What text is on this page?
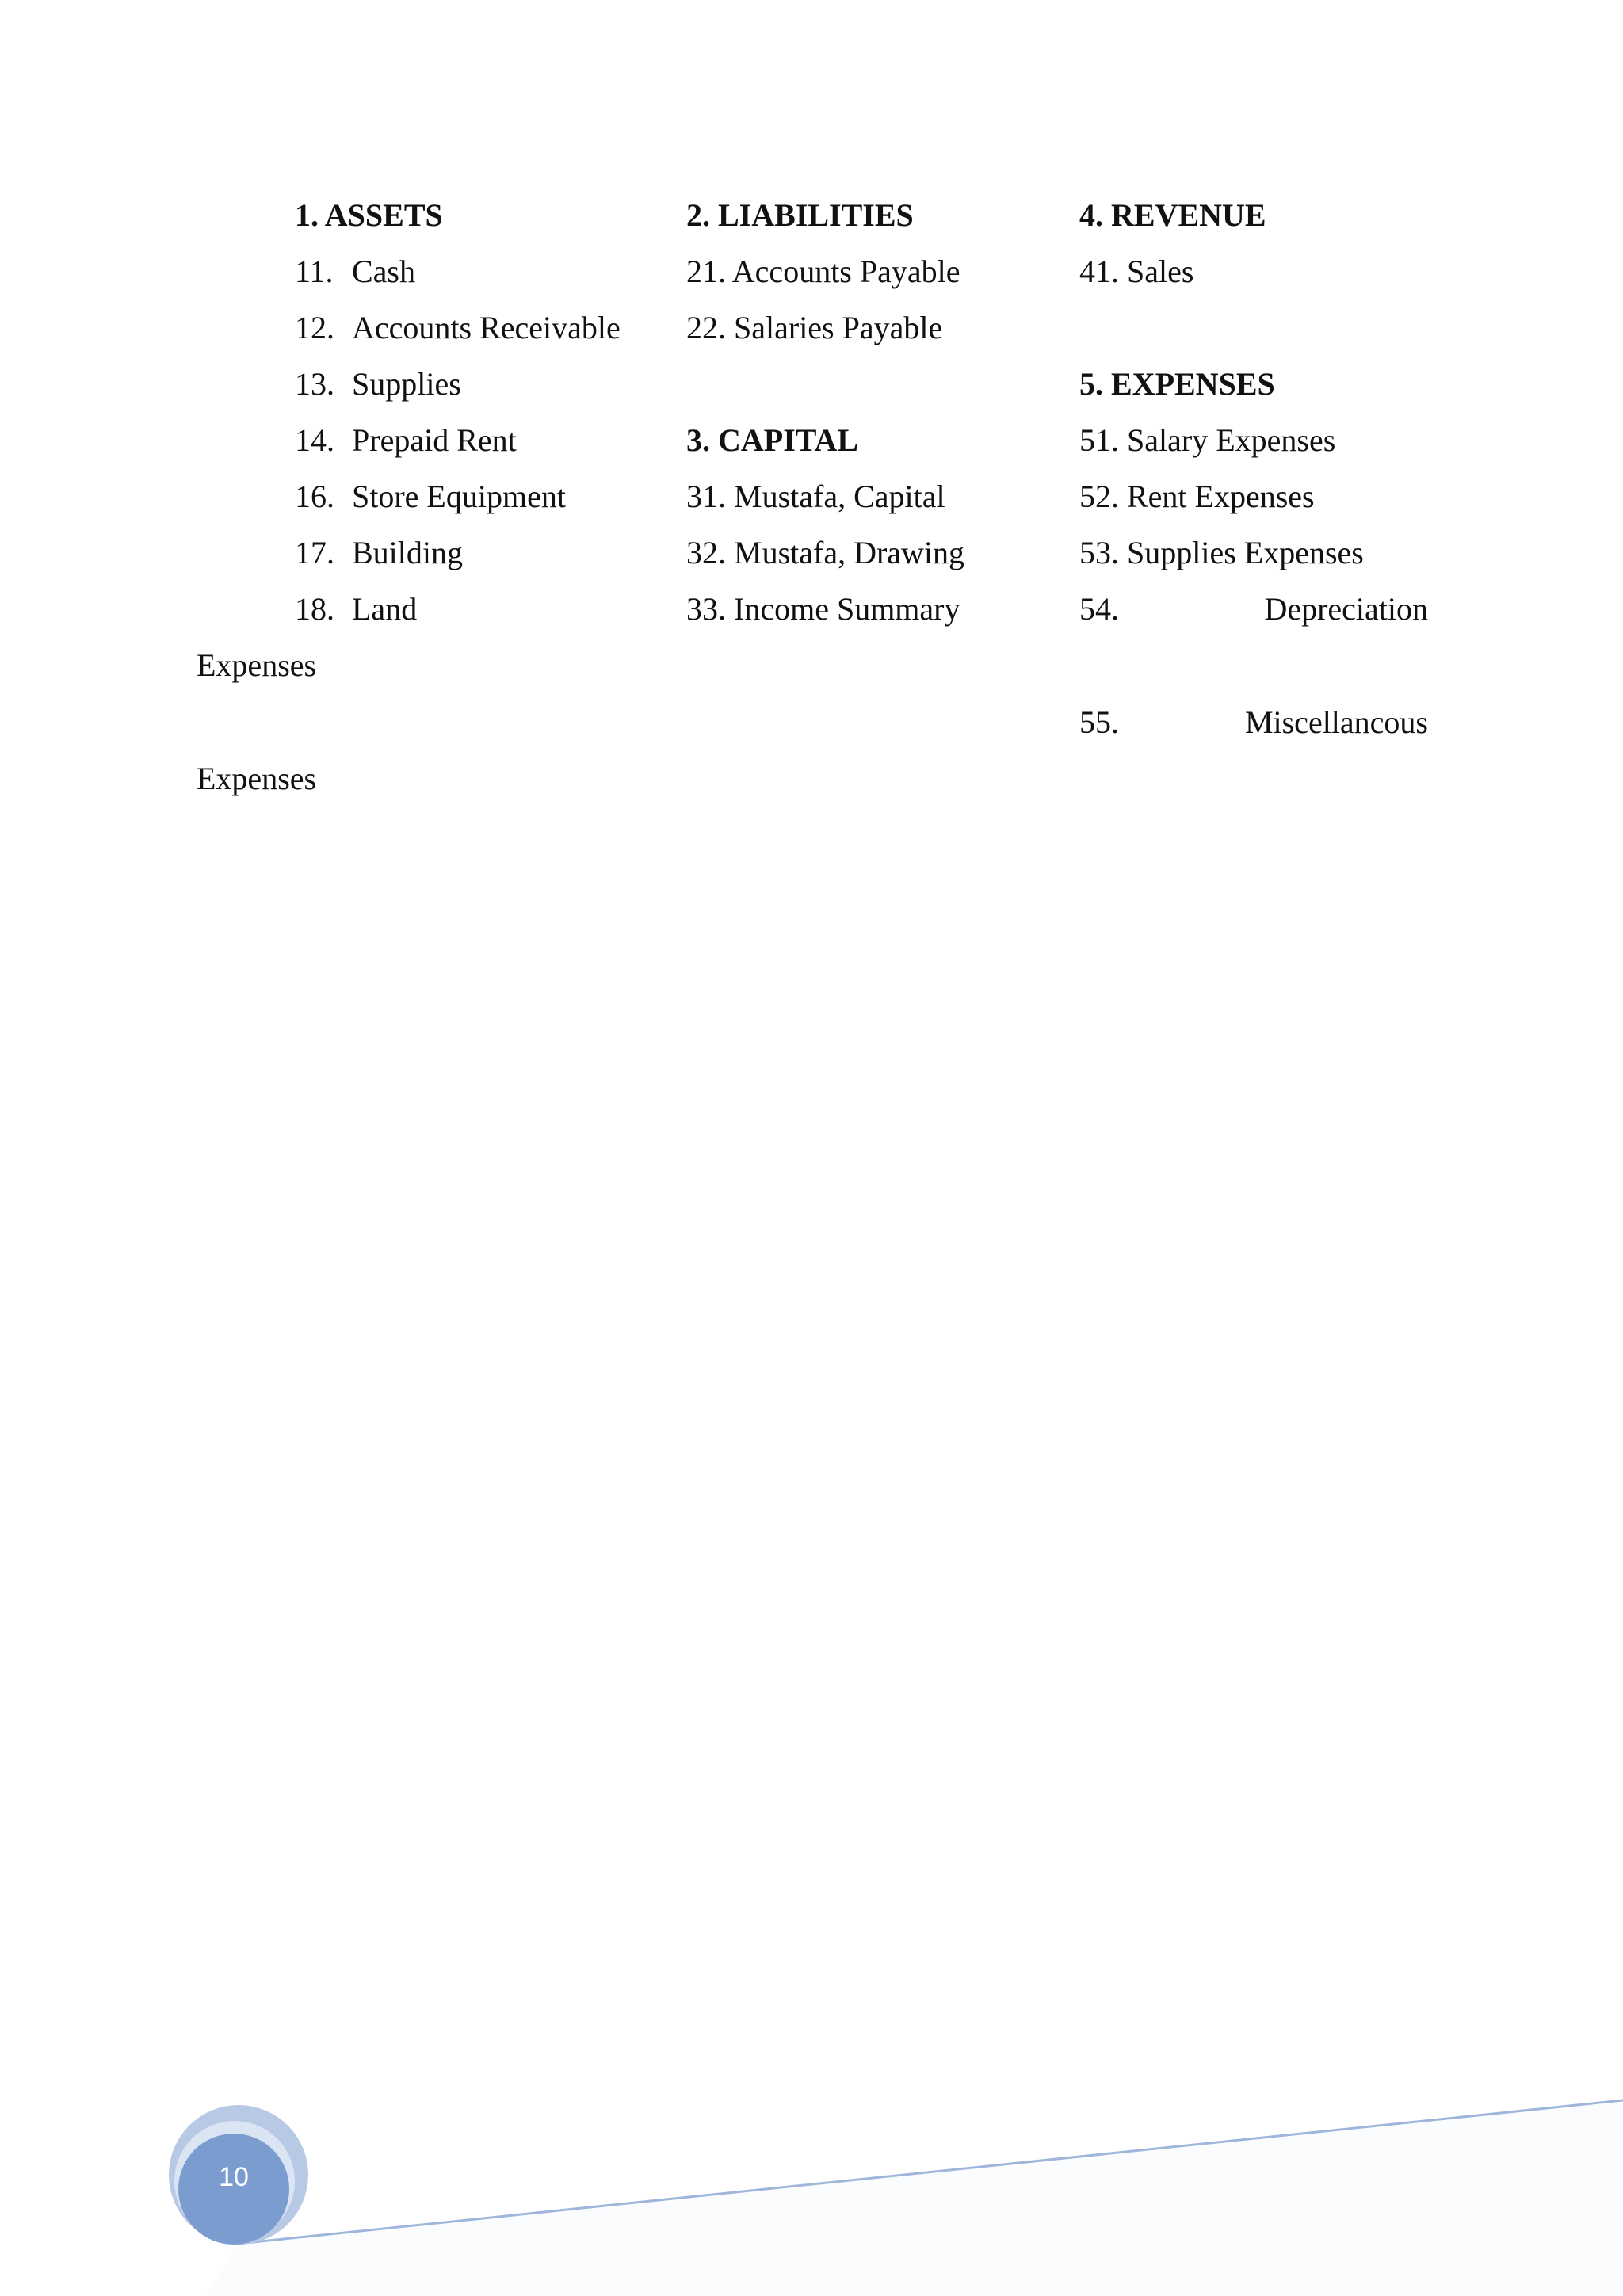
1. ASSETS
11. Cash
12. Accounts Receivable
13. Supplies
14. Prepaid Rent
16. Store Equipment
17. Building
18. Land
2. LIABILITIES
21. Accounts Payable
22. Salaries Payable
3. CAPITAL
31. Mustafa, Capital
32. Mustafa, Drawing
33. Income Summary
4. REVENUE
41. Sales
5. EXPENSES
51. Salary Expenses
52. Rent Expenses
53. Supplies Expenses
54.	Depreciation
Expenses
55.	Miscellancous
Expenses
10
